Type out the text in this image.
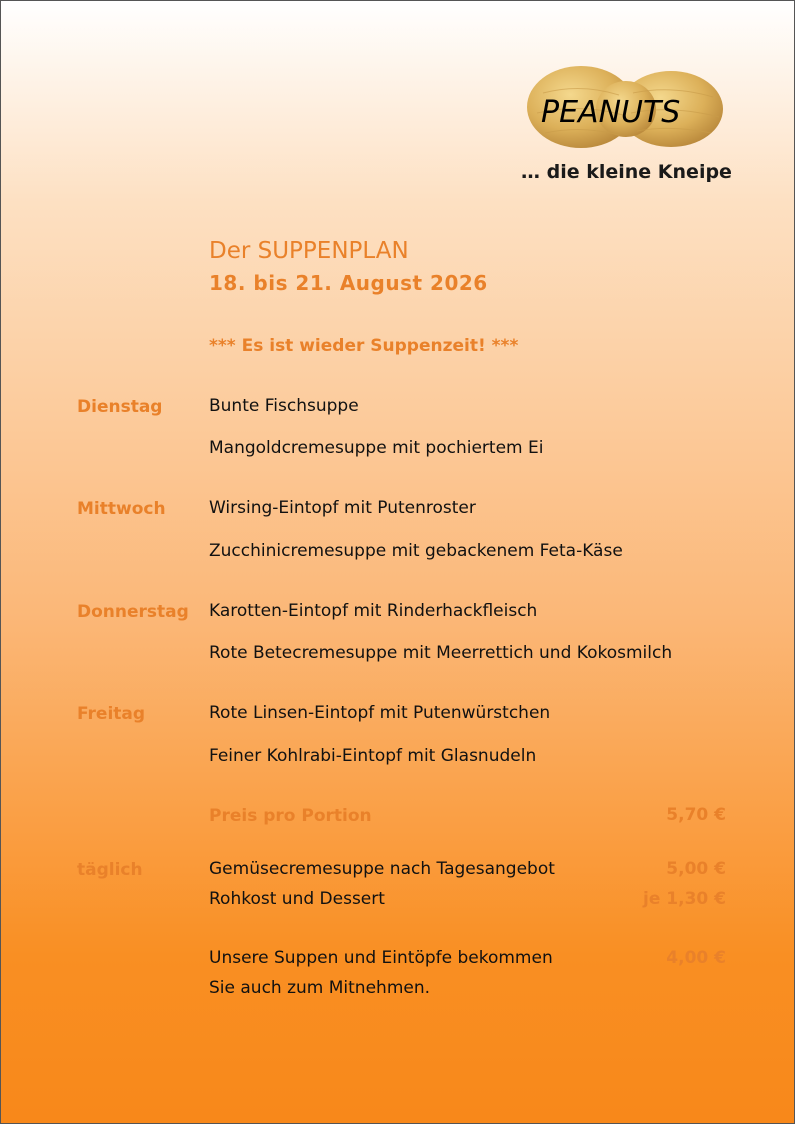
PEANUTS
… die kleine Kneipe
Der SUPPENPLAN
18. bis 21. August 2026
*** Es ist wieder Suppenzeit! ***
Dienstag	Bunte Fischsuppe
Mangoldcremesuppe mit pochiertem Ei
Mittwoch	Wirsing-Eintopf mit Putenroster
Zucchinicremesuppe mit gebackenem Feta-Käse
Donnerstag Karotten-Eintopf mit Rinderhackfleisch
Rote Betecremesuppe mit Meerrettich und Kokosmilch
Freitag	Rote Linsen-Eintopf mit Putenwürstchen
Feiner Kohlrabi-Eintopf mit Glasnudeln
Preis pro Portion	5,70 €
täglich	Gemüsecremesuppe nach Tagesangebot	5,00 €
Rohkost und Dessert	je 1,30 €
Unsere Suppen und Eintöpfe bekommen	4,00 €
Sie auch zum Mitnehmen.
